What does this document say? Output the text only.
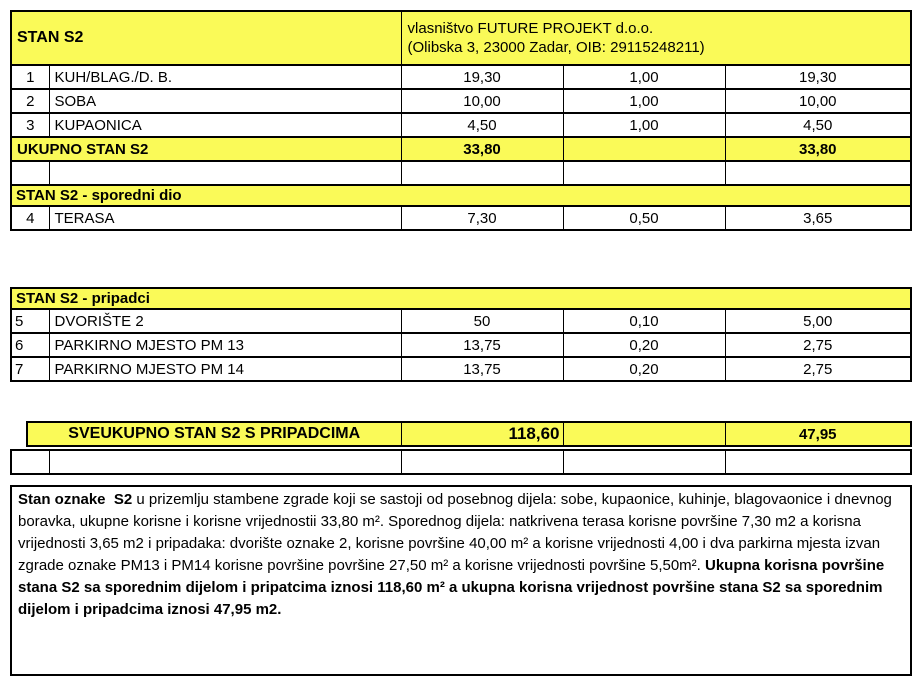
STAN S2		vlasništvo FUTURE PROJEKT d.o.o.
(Olibska 3, 23000 Zadar, OIB: 29115248211)		

1	KUH/BLAG./D. B.	19,30	1,00	19,30
2	SOBA	10,00	1,00	10,00
3	KUPAONICA	4,50	1,00	4,50
UKUPNO STAN S2		33,80		33,80

STAN S2 - sporedni dio				
4	TERASA	7,30	0,50	3,65
STAN S2 - pripadci				
5	DVORIŠTE 2	50	0,10	5,00
6	PARKIRNO MJESTO PM 13	13,75	0,20	2,75
7	PARKIRNO MJESTO PM 14	13,75	0,20	2,75
SVEUKUPNO STAN S2 S PRIPADCIMA	118,60		47,95

Stan oznake  S2 u prizemlju stambene zgrade koji se sastoji od posebnog dijela: sobe, kupaonice, kuhinje, blagovaonice i dnevnog boravka, ukupne korisne i korisne vrijednostii 33,80 m². Sporednog dijela: natkrivena terasa korisne površine 7,30 m2 a korisna vrijednosti 3,65 m2 i pripadaka: dvorište oznake 2, korisne površine 40,00 m² a korisne vrijednosti 4,00 i dva parkirna mjesta izvan zgrade oznake PM13 i PM14 korisne površine površine 27,50 m² a korisne vrijednosti površine 5,50m². Ukupna korisna površine stana S2 sa sporednim dijelom i pripatcima iznosi 118,60 m² a ukupna korisna vrijednost površine stana S2 sa sporednim dijelom i pripadcima iznosi 47,95 m2.
